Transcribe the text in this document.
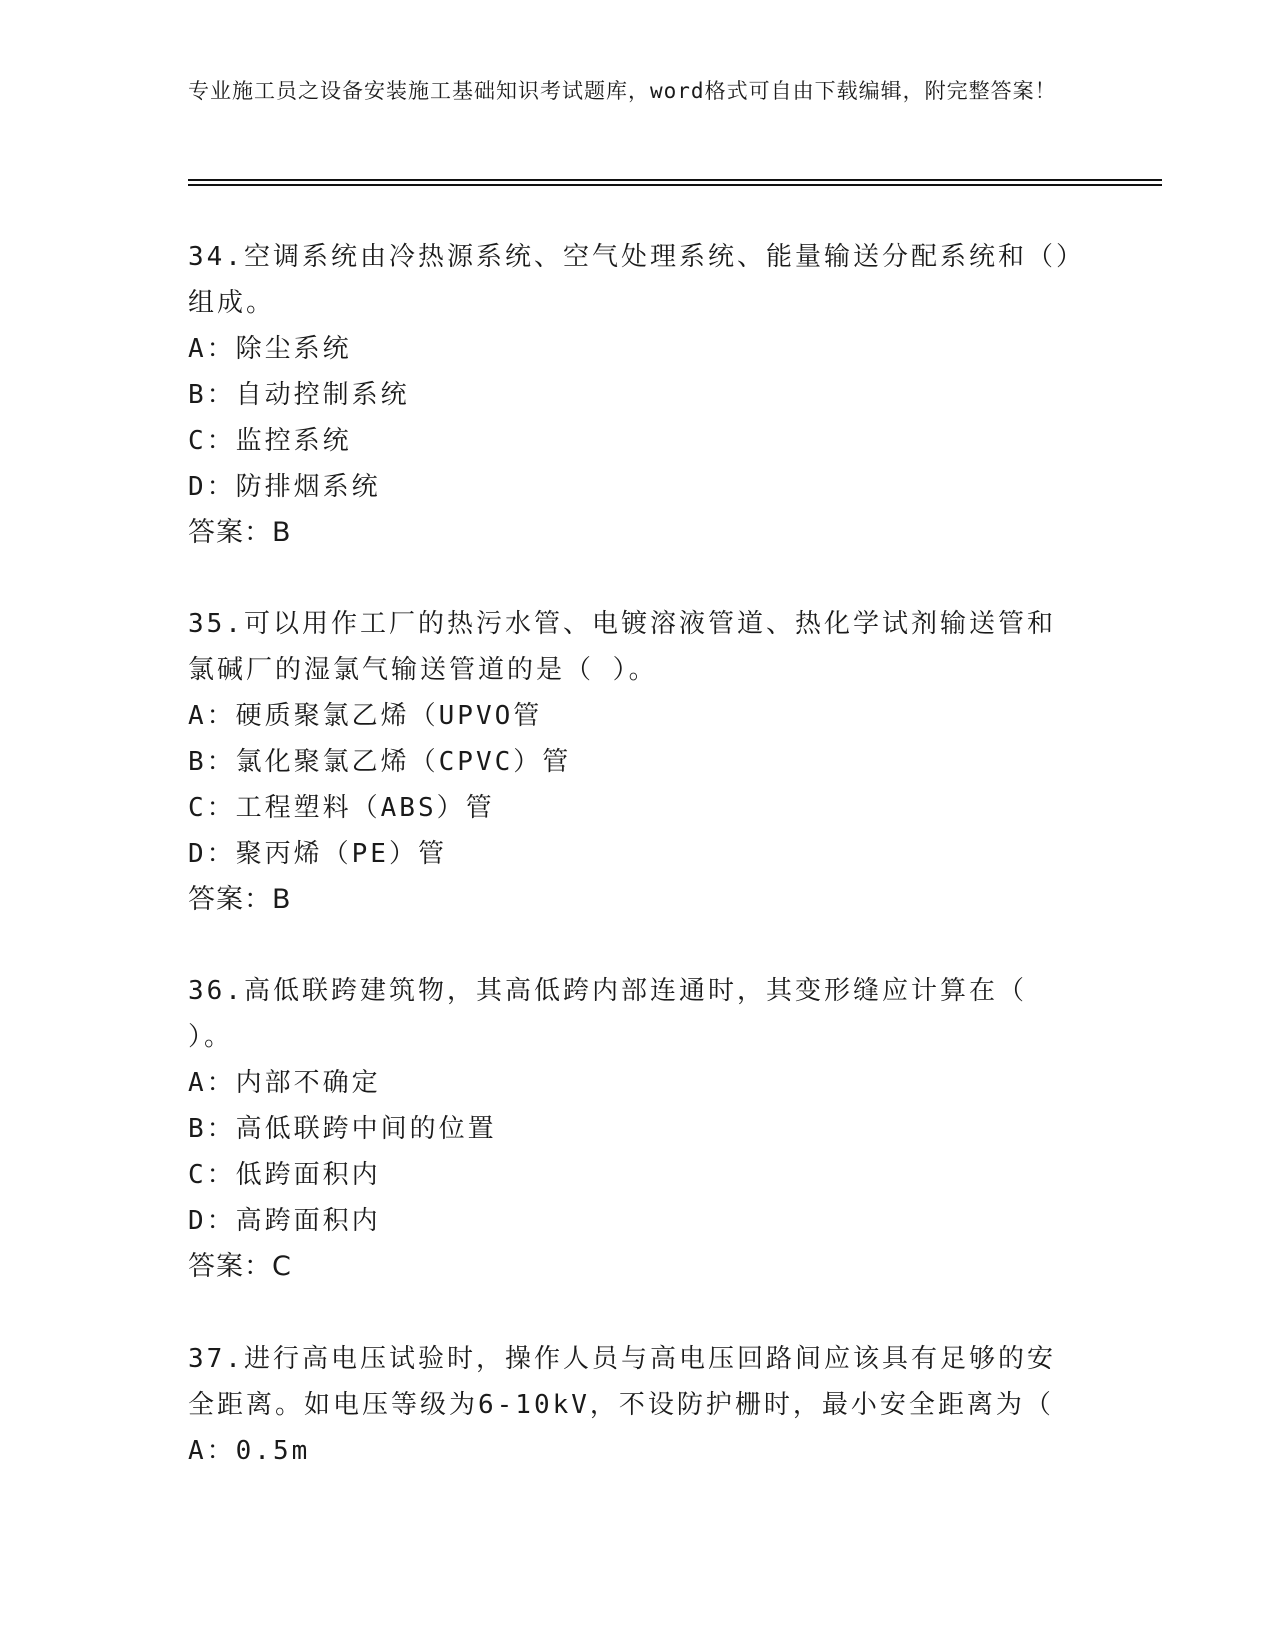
专业施工员之设备安装施工基础知识考试题库，word格式可自由下载编辑，附完整答案！

34.空调系统由冷热源系统、空气处理系统、能量输送分配系统和（）组成。

A：除尘系统

B：自动控制系统

C：监控系统

D：防排烟系统

答案：B

35.可以用作工厂的热污水管、电镀溶液管道、热化学试剂输送管和氯碱厂的湿氯气输送管道的是（ ）。

A：硬质聚氯乙烯（UPVO管

B：氯化聚氯乙烯（CPVC）管

C：工程塑料（ABS）管

D：聚丙烯（PE）管

答案：B

36.高低联跨建筑物，其高低跨内部连通时，其变形缝应计算在（ ）。

A：内部不确定

B：高低联跨中间的位置

C：低跨面积内

D：高跨面积内

答案：C

37.进行高电压试验时，操作人员与高电压回路间应该具有足够的安全距离。如电压等级为6-10kV，不设防护栅时，最小安全距离为（

A：0.5m
